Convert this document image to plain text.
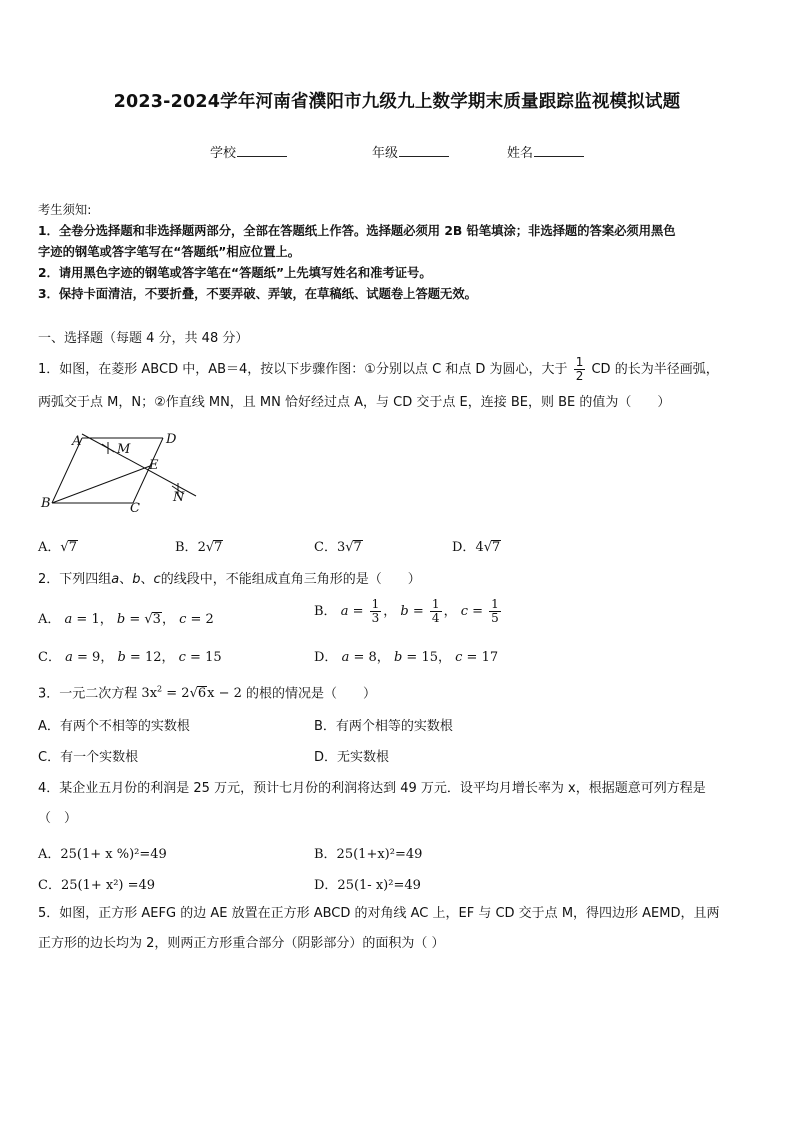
2023-2024学年河南省濮阳市九级九上数学期末质量跟踪监视模拟试题
学校	年级	姓名
考生须知:
1．全卷分选择题和非选择题两部分，全部在答题纸上作答。选择题必须用 2B 铅笔填涂；非选择题的答案必须用黑色
字迹的钢笔或答字笔写在“答题纸”相应位置上。
2．请用黑色字迹的钢笔或答字笔在“答题纸”上先填写姓名和准考证号。
3．保持卡面清洁，不要折叠，不要弄破、弄皱，在草稿纸、试题卷上答题无效。
一、选择题（每题 4 分，共 48 分）
1．如图，在菱形 ABCD 中，AB＝4，按以下步骤作图：①分别以点 C 和点 D 为圆心，大于 $\frac{1}{2}$ CD 的长为半径画弧，
两弧交于点 M，N；②作直线 MN，且 MN 恰好经过点 A，与 CD 交于点 E，连接 BE，则 BE 的值为（　　）
A	D
M
E
B	C
N
A．√7	B．2√7	C．3√7	D．4√7
2．下列四组a、b、c的线段中，不能组成直角三角形的是（　　）
A． a = 1， b = √3， c = 2
B． $a = \frac{1}{3}$ ， $b = \frac{1}{4}$ ， $c = \frac{1}{5}$
C． a = 9， b = 12， c = 15	D． a = 8， b = 15， c = 17
3．一元二次方程 $3x^2 = 2√6x - 2$ 的根的情况是（　　）
A．有两个不相等的实数根	B．有两个相等的实数根
C．有一个实数根	D．无实数根
4．某企业五月份的利润是 25 万元，预计七月份的利润将达到 49 万元．设平均月增长率为 x，根据题意可列方程是
（　）
A．25(1+ x %)²=49	B．25(1+x)²=49
C．25(1+ x²) =49	D．25(1- x)²=49
5．如图，正方形 AEFG 的边 AE 放置在正方形 ABCD 的对角线 AC 上，EF 与 CD 交于点 M，得四边形 AEMD，且两
正方形的边长均为 2，则两正方形重合部分（阴影部分）的面积为（ ）
